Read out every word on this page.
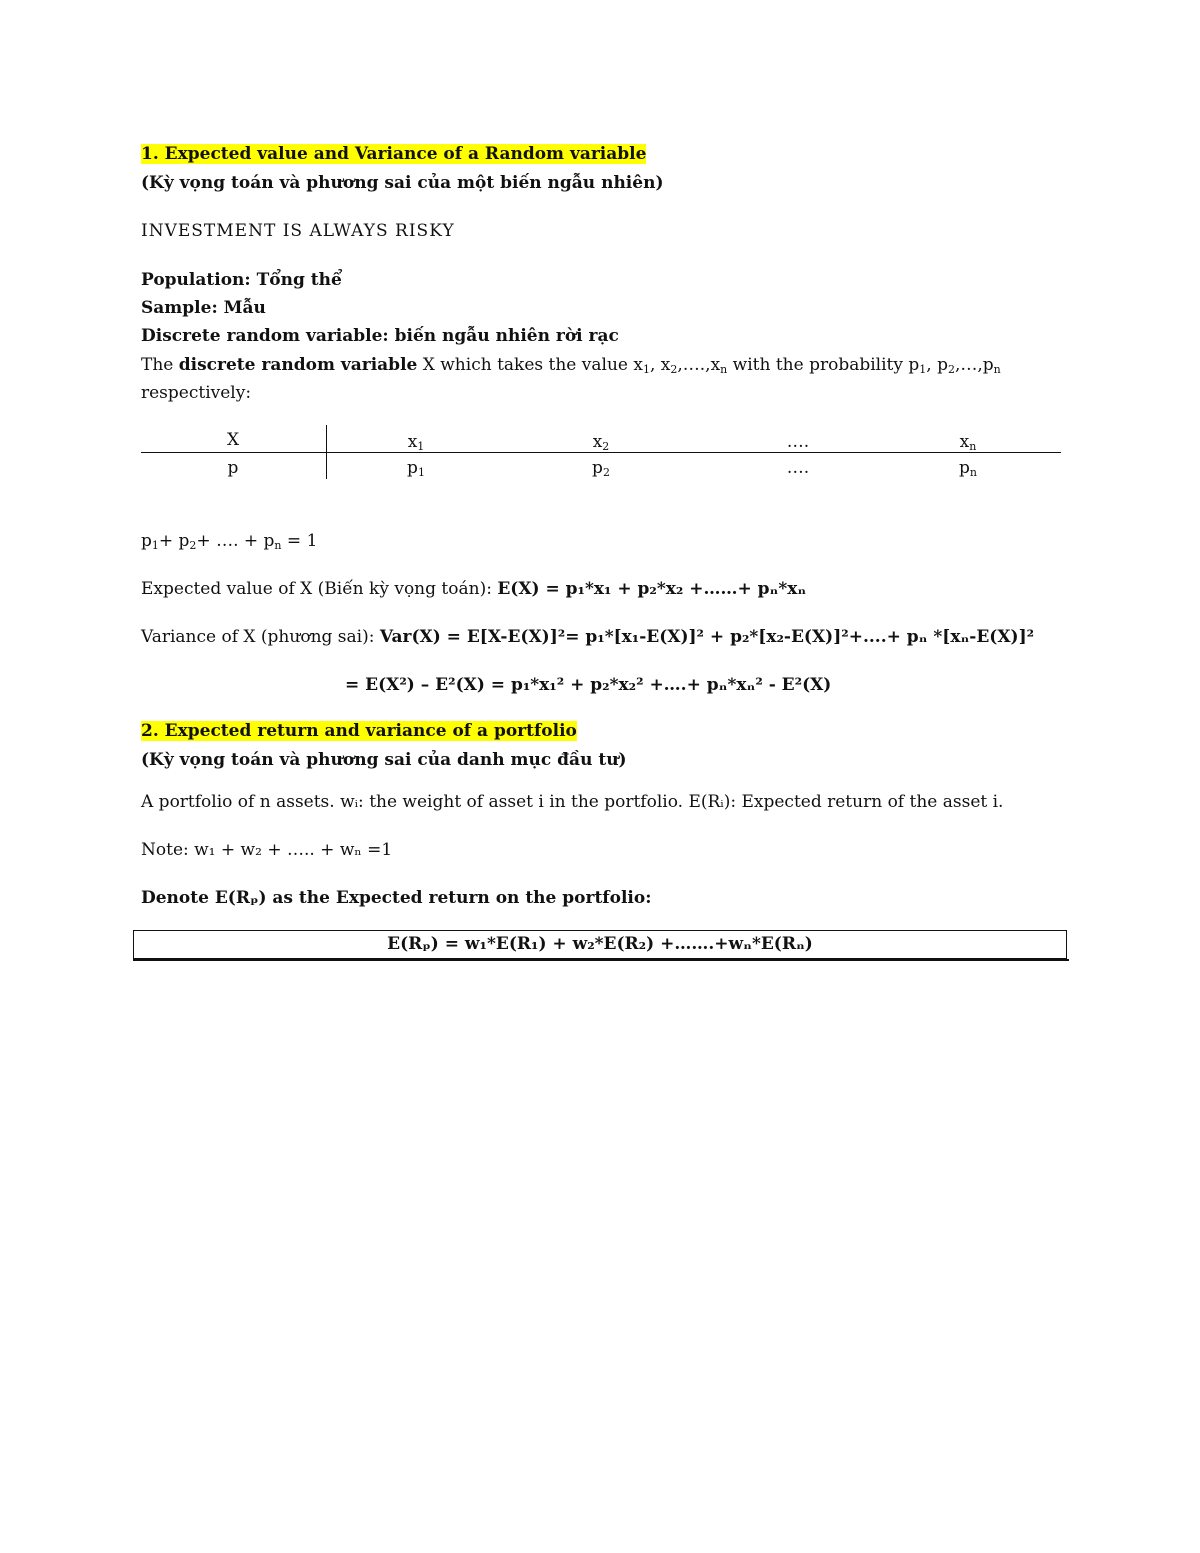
1. Expected value and Variance of a Random variable
(Kỳ vọng toán và phương sai của một biến ngẫu nhiên)
INVESTMENT IS ALWAYS RISKY
Population: Tổng thể
Sample: Mẫu
Discrete random variable: biến ngẫu nhiên rời rạc
The discrete random variable X which takes the value $x_1$, $x_2,\dots.,x_n$ with the probability $p_1$, $p_2,\dots,p_n$
respectively:
X	$x_1$	$x_2$	….	$x_n$
p	$p_1$	$p_2$	….	$p_n$
$p_1+ p_2+$ …. + $p_n = 1$
Expected value of X (Biến kỳ vọng toán): E(X) = p₁*x₁ + p₂*x₂ +……+ pₙ*xₙ
Variance of X (phương sai): Var(X) = E[X-E(X)]²= p₁*[x₁-E(X)]² + p₂*[x₂-E(X)]²+....+ pₙ *[xₙ-E(X)]²
= E(X²) – E²(X) = p₁*x₁² + p₂*x₂² +….+ pₙ*xₙ² - E²(X)
2. Expected return and variance of a portfolio
(Kỳ vọng toán và phương sai của danh mục đầu tư)
A portfolio of n assets. wᵢ: the weight of asset i in the portfolio. E(Rᵢ): Expected return of the asset i.
Note: w₁ + w₂ + ….. + wₙ =1
Denote E(Rₚ) as the Expected return on the portfolio:
E(Rₚ) = w₁*E(R₁) + w₂*E(R₂) +…….+wₙ*E(Rₙ)
